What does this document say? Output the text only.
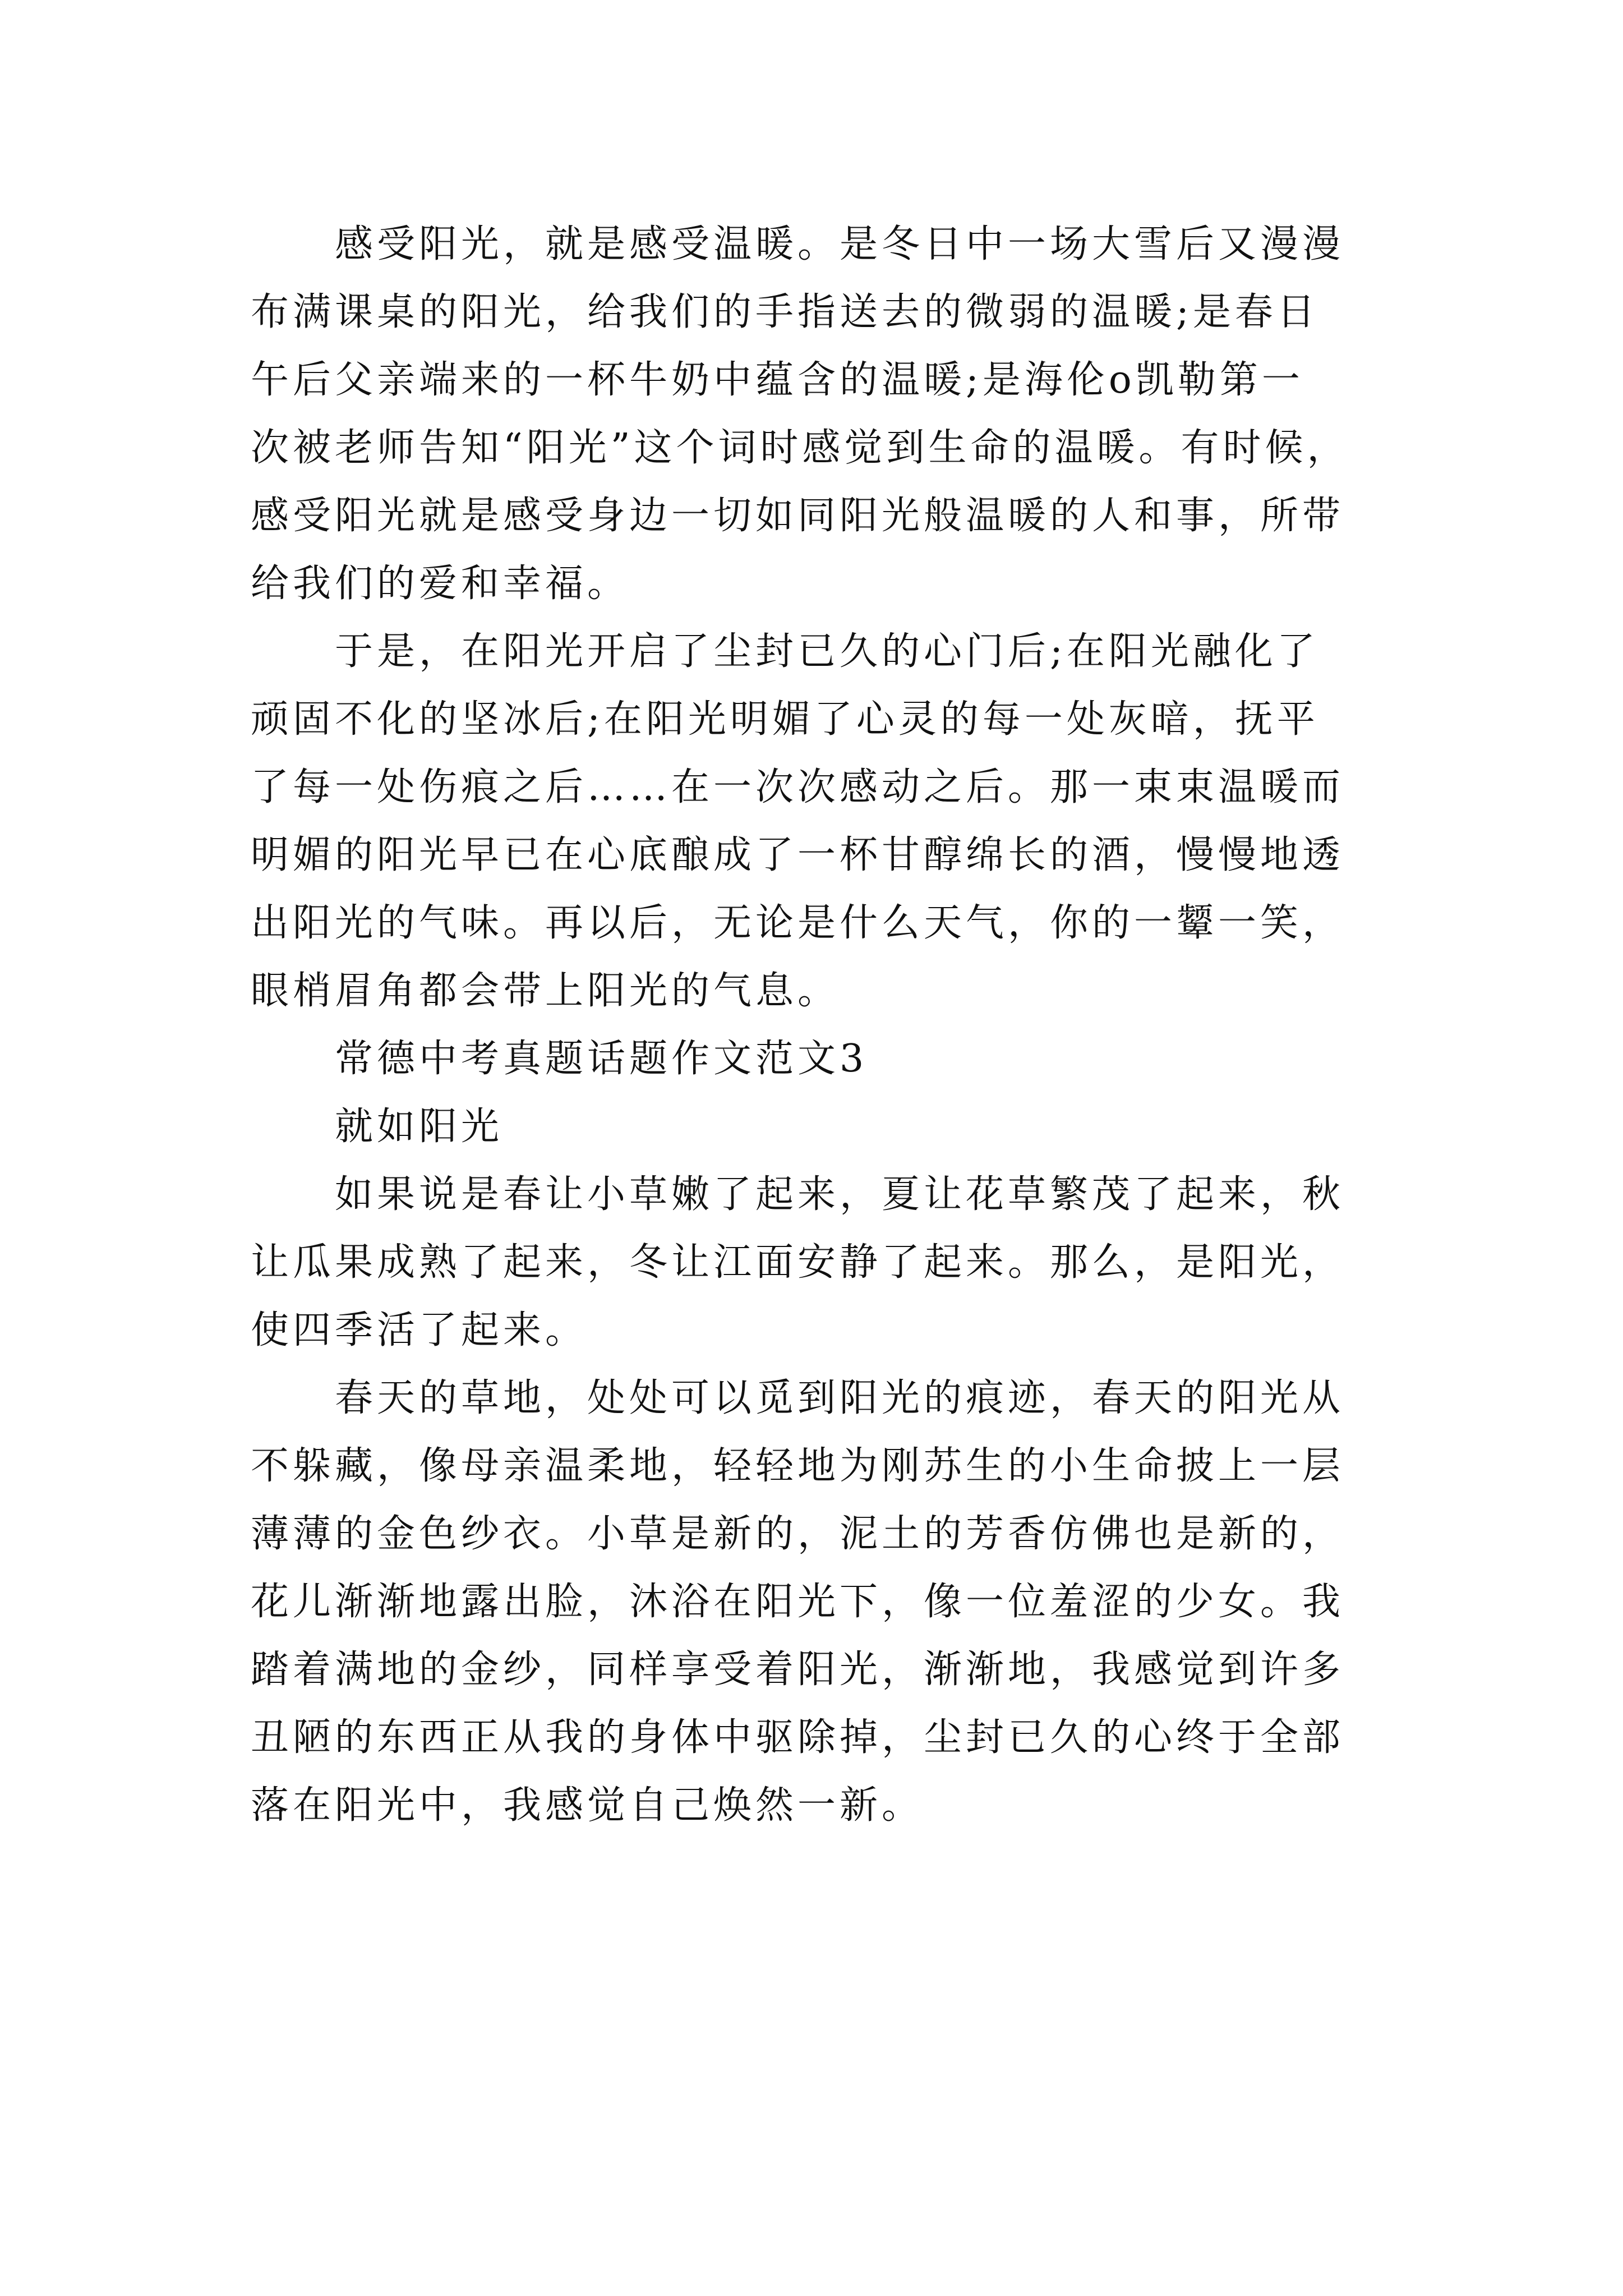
感受阳光，就是感受温暖。是冬日中一场大雪后又漫漫
布满课桌的阳光，给我们的手指送去的微弱的温暖;是春日
午后父亲端来的一杯牛奶中蕴含的温暖;是海伦o凯勒第一
次被老师告知“阳光”这个词时感觉到生命的温暖。有时候，
感受阳光就是感受身边一切如同阳光般温暖的人和事，所带
给我们的爱和幸福。
于是，在阳光开启了尘封已久的心门后;在阳光融化了
顽固不化的坚冰后;在阳光明媚了心灵的每一处灰暗，抚平
了每一处伤痕之后……在一次次感动之后。那一束束温暖而
明媚的阳光早已在心底酿成了一杯甘醇绵长的酒，慢慢地透
出阳光的气味。再以后，无论是什么天气，你的一颦一笑，
眼梢眉角都会带上阳光的气息。
常德中考真题话题作文范文3
就如阳光
如果说是春让小草嫩了起来，夏让花草繁茂了起来，秋
让瓜果成熟了起来，冬让江面安静了起来。那么，是阳光，
使四季活了起来。
春天的草地，处处可以觅到阳光的痕迹，春天的阳光从
不躲藏，像母亲温柔地，轻轻地为刚苏生的小生命披上一层
薄薄的金色纱衣。小草是新的，泥土的芳香仿佛也是新的，
花儿渐渐地露出脸，沐浴在阳光下，像一位羞涩的少女。我
踏着满地的金纱，同样享受着阳光，渐渐地，我感觉到许多
丑陋的东西正从我的身体中驱除掉，尘封已久的心终于全部
落在阳光中，我感觉自己焕然一新。
